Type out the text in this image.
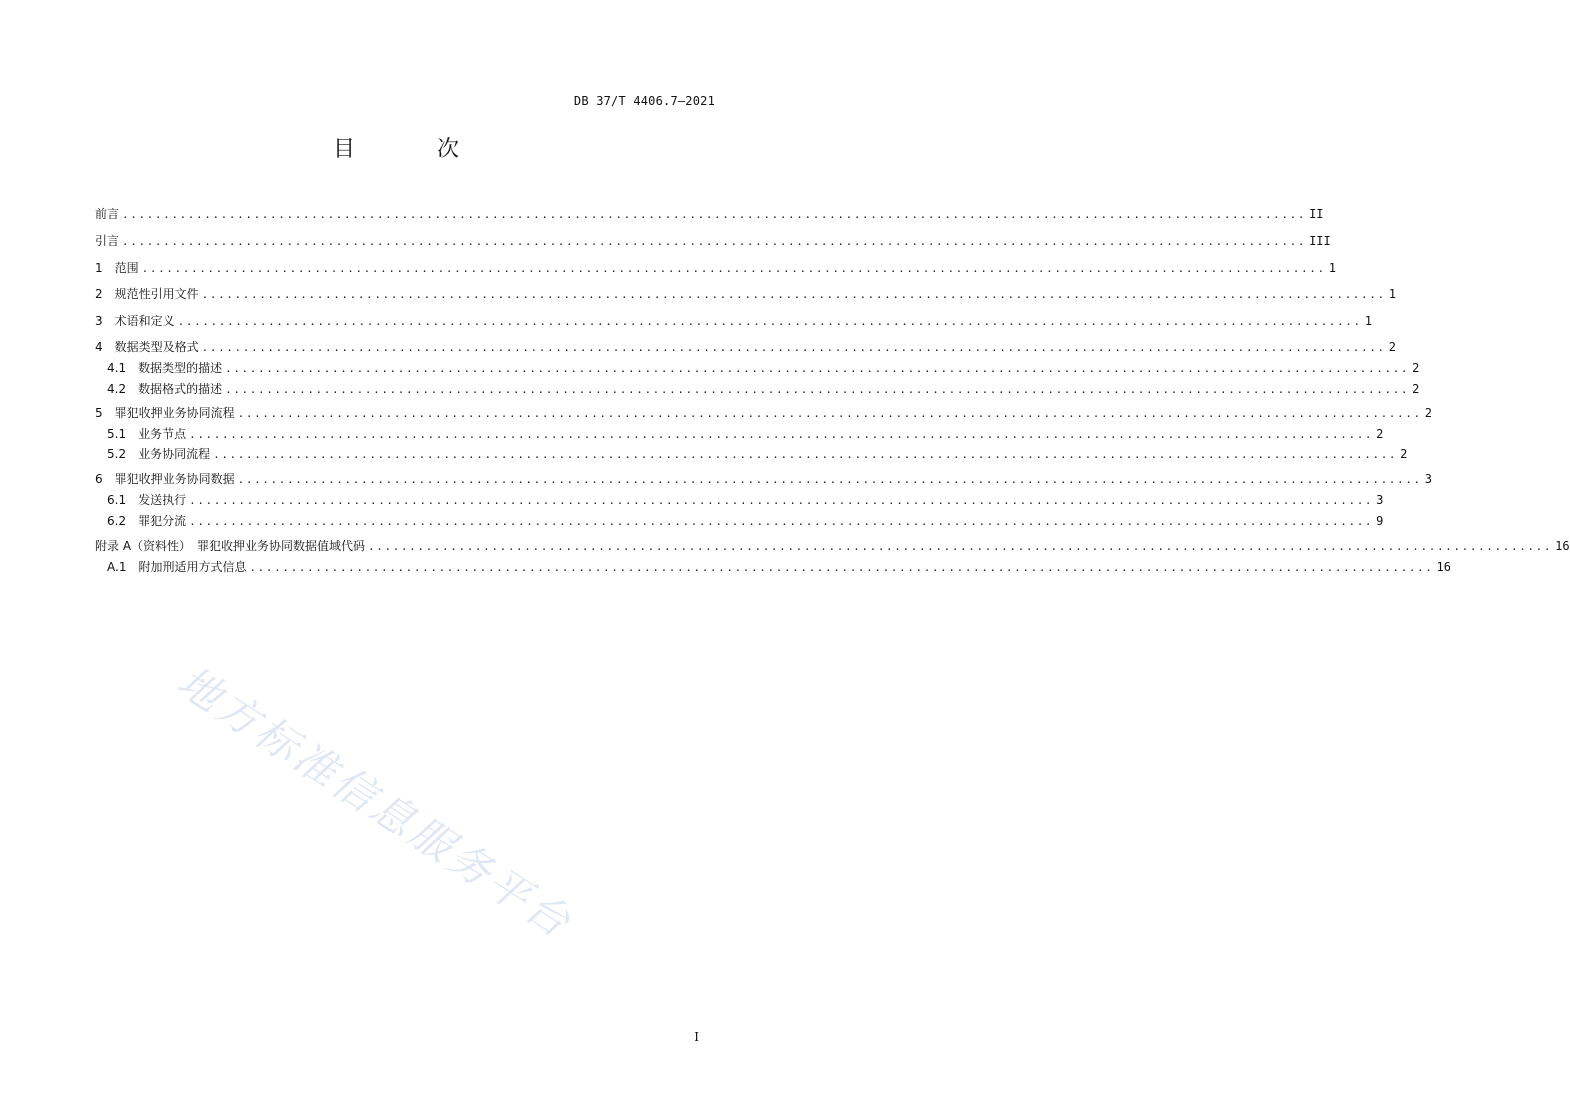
DB 37/T 4406.7—2021
目　次
前言 ................................................................................................................................................ II
引言 ................................................................................................................................................ III
1　范围 ................................................................................................................................................ 1
2　规范性引用文件 ................................................................................................................................................ 1
3　术语和定义 ................................................................................................................................................ 1
4　数据类型及格式 ................................................................................................................................................ 2
4.1　数据类型的描述 ................................................................................................................................................ 2
4.2　数据格式的描述 ................................................................................................................................................ 2
5　罪犯收押业务协同流程 ................................................................................................................................................ 2
5.1　业务节点 ................................................................................................................................................ 2
5.2　业务协同流程 ................................................................................................................................................ 2
6　罪犯收押业务协同数据 ................................................................................................................................................ 3
6.1　发送执行 ................................................................................................................................................ 3
6.2　罪犯分流 ................................................................................................................................................ 9
附录 A（资料性）　罪犯收押业务协同数据值域代码 ................................................................................................................................................ 16
A.1　附加刑适用方式信息 ................................................................................................................................................ 16
地方标准信息服务平台
I
